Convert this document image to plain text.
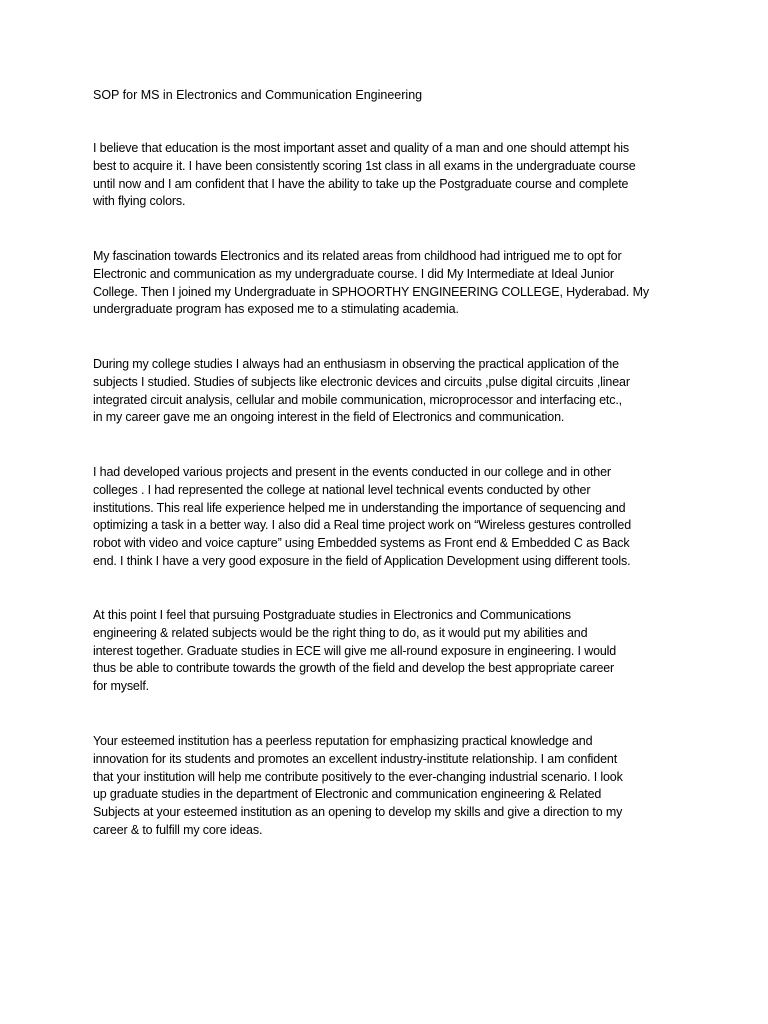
SOP for MS in Electronics and Communication Engineering
I believe that education is the most important asset and quality of a man and one should attempt his
best to acquire it. I have been consistently scoring 1st class in all exams in the undergraduate course
until now and I am confident that I have the ability to take up the Postgraduate course and complete
with flying colors.
My fascination towards Electronics and its related areas from childhood had intrigued me to opt for
Electronic and communication as my undergraduate course. I did My Intermediate at Ideal Junior
College. Then I joined my Undergraduate in SPHOORTHY ENGINEERING COLLEGE, Hyderabad. My
undergraduate program has exposed me to a stimulating academia.
During my college studies I always had an enthusiasm in observing the practical application of the
subjects I studied. Studies of subjects like electronic devices and circuits ,pulse digital circuits ,linear
integrated circuit analysis, cellular and mobile communication, microprocessor and interfacing etc.,
in my career gave me an ongoing interest in the field of Electronics and communication.
I had developed various projects and present in the events conducted in our college and in other
colleges . I had represented the college at national level technical events conducted by other
institutions. This real life experience helped me in understanding the importance of sequencing and
optimizing a task in a better way. I also did a Real time project work on “Wireless gestures controlled
robot with video and voice capture” using Embedded systems as Front end & Embedded C as Back
end. I think I have a very good exposure in the field of Application Development using different tools.
At this point I feel that pursuing Postgraduate studies in Electronics and Communications
engineering & related subjects would be the right thing to do, as it would put my abilities and
interest together. Graduate studies in ECE will give me all-round exposure in engineering. I would
thus be able to contribute towards the growth of the field and develop the best appropriate career
for myself.
Your esteemed institution has a peerless reputation for emphasizing practical knowledge and
innovation for its students and promotes an excellent industry-institute relationship. I am confident
that your institution will help me contribute positively to the ever-changing industrial scenario. I look
up graduate studies in the department of Electronic and communication engineering & Related
Subjects at your esteemed institution as an opening to develop my skills and give a direction to my
career & to fulfill my core ideas.
